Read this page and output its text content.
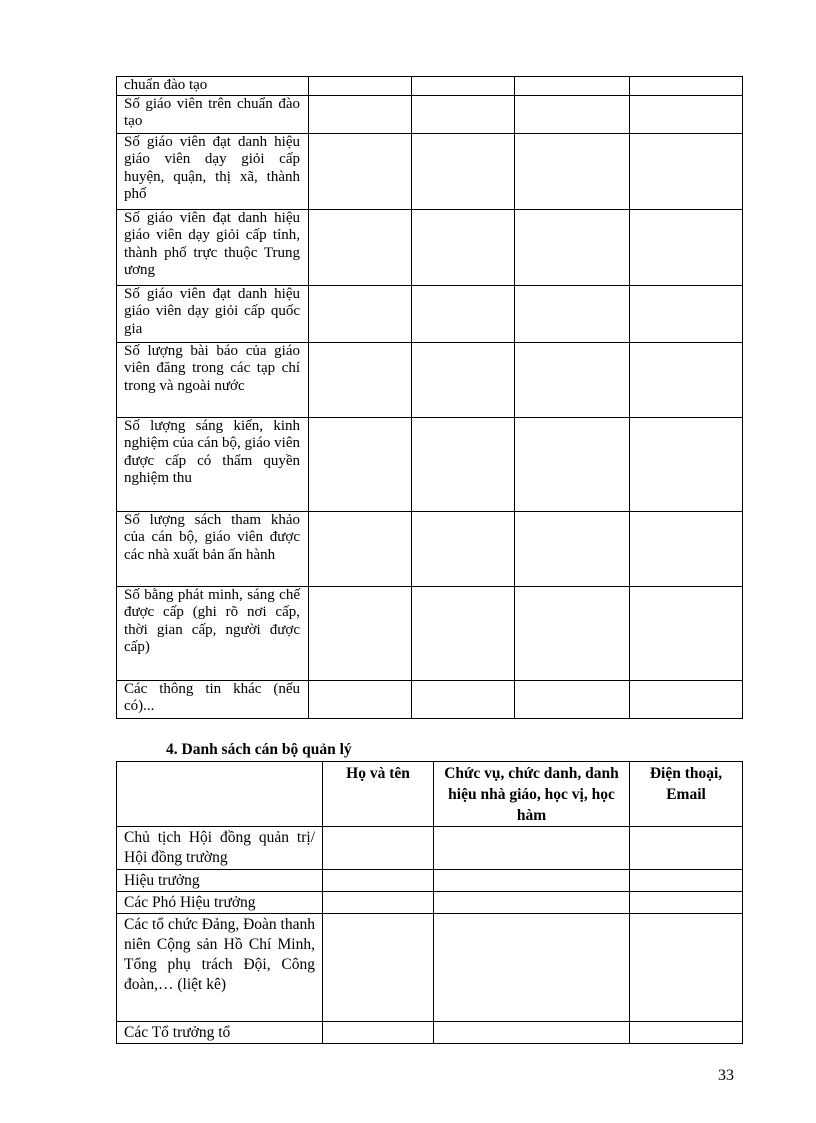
chuẩn đào tạo				
Số giáo viên trên chuẩn đào tạo				
Số giáo viên đạt danh hiệu giáo viên dạy giỏi cấp huyện, quận, thị xã, thành phố				
Số giáo viên đạt danh hiệu giáo viên dạy giỏi cấp tỉnh, thành phố trực thuộc Trung ương				
Số giáo viên đạt danh hiệu giáo viên dạy giỏi cấp quốc gia				
Số lượng bài báo của giáo viên đăng trong các tạp chí trong và ngoài nước				
Số lượng sáng kiến, kinh nghiệm của cán bộ, giáo viên được cấp có thẩm quyền nghiệm thu				
Số lượng sách tham khảo của cán bộ, giáo viên được các nhà xuất bản ấn hành				
Số bằng phát minh, sáng chế được cấp (ghi rõ nơi cấp, thời gian cấp, người được cấp)				
Các thông tin khác (nếu có)...				

4. Danh sách cán bộ quản lý

	Họ và tên	Chức vụ, chức danh, danh hiệu nhà giáo, học vị, học hàm	Điện thoại, Email
Chủ tịch Hội đồng quản trị/ Hội đồng trường			
Hiệu trưởng			
Các Phó Hiệu trưởng			
Các tổ chức Đảng, Đoàn thanh niên Cộng sản Hồ Chí Minh, Tổng phụ trách Đội, Công đoàn,… (liệt kê)			
Các Tổ trưởng tổ			
33
